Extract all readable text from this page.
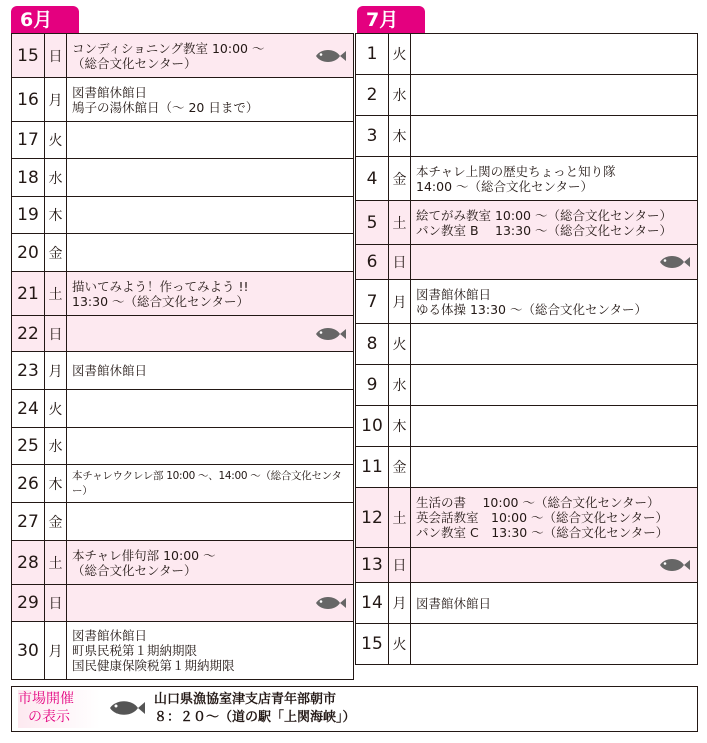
6月	7月
15	日	コンディショニング教室 10:00 ～
（総合文化センター）

16	月	図書館休館日
鳩子の湯休館日（～ 20 日まで）

17	火	
18	水	
19	木	
20	金	
21	土	描いてみよう！作ってみよう !!
13:30 ～（総合文化センター）

22	日	

23	月	図書館休館日

24	火	
25	水	
26	木	本チャレウクレレ部 10:00 ～、14:00 ～（総合文化センター）

27	金	
28	土	本チャレ俳句部 10:00 ～
（総合文化センター）

29	日	

30	月	図書館休館日
町県民税第１期納期限
国民健康保険税第１期納期限
1	火	
2	水	
3	木	
4	金	本チャレ上関の歴史ちょっと知り隊
14:00 ～（総合文化センター）

5	土	絵てがみ教室 10:00 ～（総合文化センター）
パン教室 B　 13:30 ～（総合文化センター）

6	日	

7	月	図書館休館日
ゆる体操 13:30 ～（総合文化センター）

8	火	
9	水	
10	木	
11	金	
12	土	生活の書　 10:00 ～（総合文化センター）
英会話教室　10:00 ～（総合文化センター）
パン教室 C　13:30 ～（総合文化センター）

13	日	

14	月	図書館休館日

15	火	
市場開催
の表示
山口県漁協室津支店青年部朝市
８：２０～（道の駅「上関海峡」）
